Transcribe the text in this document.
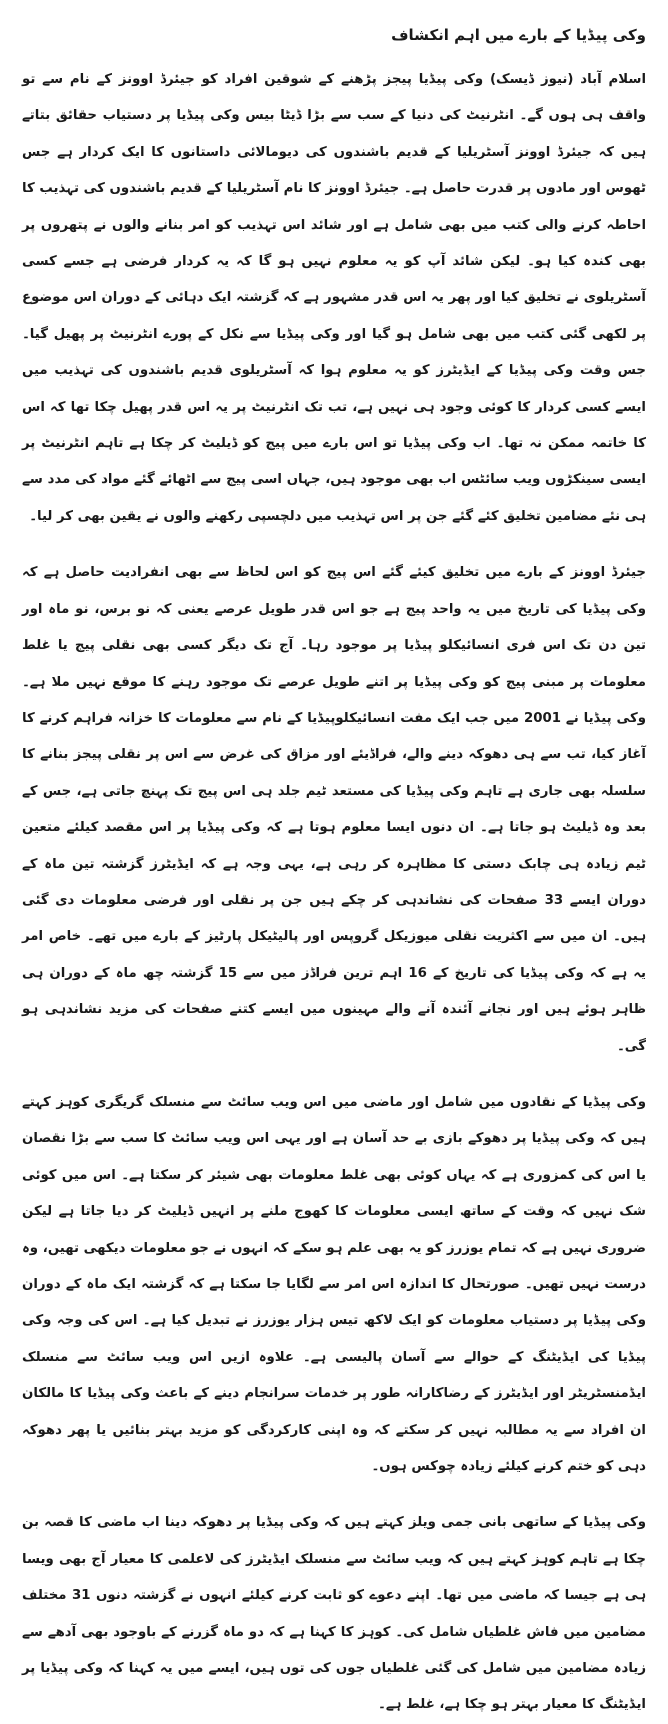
وکی پیڈیا کے بارے میں اہم انکشاف

اسلام آباد (نیوز ڈیسک) وکی پیڈیا پیجز پڑھنے کے شوقین افراد کو جیئرڈ اوونز کے نام سے تو واقف ہی ہوں گے۔ انٹرنیٹ کی دنیا کے سب سے بڑا ڈیٹا بیس وکی پیڈیا پر دستیاب حقائق بتاتے ہیں کہ جیئرڈ اوونز آسٹریلیا کے قدیم باشندوں کی دیومالائی داستانوں کا ایک کردار ہے جس ٹھوس اور مادوں پر قدرت حاصل ہے۔ جیئرڈ اوونز کا نام آسٹریلیا کے قدیم باشندوں کی تہذیب کا احاطہ کرنے والی کتب میں بھی شامل ہے اور شائد اس تہذیب کو امر بنانے والوں نے پتھروں پر بھی کندہ کیا ہو۔ لیکن شائد آپ کو یہ معلوم نہیں ہو گا کہ یہ کردار فرضی ہے جسے کسی آسٹریلوی نے تخلیق کیا اور پھر یہ اس قدر مشہور ہے کہ گزشتہ ایک دہائی کے دوران اس موضوع پر لکھی گئی کتب میں بھی شامل ہو گیا اور وکی پیڈیا سے نکل کے پورے انٹرنیٹ پر پھیل گیا۔ جس وقت وکی پیڈیا کے ایڈیٹرز کو یہ معلوم ہوا کہ آسٹریلوی قدیم باشندوں کی تہذیب میں ایسے کسی کردار کا کوئی وجود ہی نہیں ہے، تب تک انٹرنیٹ پر یہ اس قدر پھیل چکا تھا کہ اس کا خاتمہ ممکن نہ تھا۔ اب وکی پیڈیا تو اس بارے میں پیج کو ڈیلیٹ کر چکا ہے تاہم انٹرنیٹ پر ایسی سینکڑوں ویب سائٹس اب بھی موجود ہیں، جہاں اسی پیج سے اٹھائے گئے مواد کی مدد سے ہی نئے مضامین تخلیق کئے گئے جن پر اس تہذیب میں دلچسپی رکھنے والوں نے یقین بھی کر لیا۔

جیئرڈ اوونز کے بارے میں تخلیق کیئے گئے اس پیج کو اس لحاظ سے بھی انفرادیت حاصل ہے کہ وکی پیڈیا کی تاریخ میں یہ واحد پیج ہے جو اس قدر طویل عرصے یعنی کہ نو برس، نو ماہ اور تین دن تک اس فری انسائیکلو پیڈیا پر موجود رہا۔ آج تک دیگر کسی بھی نقلی پیج یا غلط معلومات پر مبنی پیج کو وکی پیڈیا پر اتنے طویل عرصے تک موجود رہنے کا موقع نہیں ملا ہے۔ وکی پیڈیا نے 2001 میں جب ایک مفت انسائیکلوپیڈیا کے نام سے معلومات کا خزانہ فراہم کرنے کا آغاز کیا، تب سے ہی دھوکہ دینے والے، فراڈیئے اور مزاق کی غرض سے اس پر نقلی پیجز بنانے کا سلسلہ بھی جاری ہے تاہم وکی پیڈیا کی مستعد ٹیم جلد ہی اس پیج تک پہنچ جاتی ہے، جس کے بعد وہ ڈیلیٹ ہو جاتا ہے۔ ان دنوں ایسا معلوم ہوتا ہے کہ وکی پیڈیا پر اس مقصد کیلئے متعین ٹیم زیادہ ہی چابک دستی کا مظاہرہ کر رہی ہے، یہی وجہ ہے کہ ایڈیٹرز گزشتہ تین ماہ کے دوران ایسے 33 صفحات کی نشاندہی کر چکے ہیں جن پر نقلی اور فرضی معلومات دی گئی ہیں۔ ان میں سے اکثریت نقلی میوزیکل گروپس اور پالیٹیکل پارٹیز کے بارے میں تھے۔ خاص امر یہ ہے کہ وکی پیڈیا کی تاریخ کے 16 اہم ترین فراڈز میں سے 15 گزشتہ چھ ماہ کے دوران ہی ظاہر ہوئے ہیں اور نجانے آئندہ آنے والے مہینوں میں ایسے کتنے صفحات کی مزید نشاندہی ہو گی۔

وکی پیڈیا کے نقادوں میں شامل اور ماضی میں اس ویب سائٹ سے منسلک گریگری کوہز کہتے ہیں کہ وکی پیڈیا پر دھوکے بازی بے حد آسان ہے اور یہی اس ویب سائٹ کا سب سے بڑا نقصان یا اس کی کمزوری ہے کہ یہاں کوئی بھی غلط معلومات بھی شیئر کر سکتا ہے۔ اس میں کوئی شک نہیں کہ وقت کے ساتھ ایسی معلومات کا کھوج ملنے پر انہیں ڈیلیٹ کر دیا جاتا ہے لیکن ضروری نہیں ہے کہ تمام یوزرز کو یہ بھی علم ہو سکے کہ انہوں نے جو معلومات دیکھی تھیں، وہ درست نہیں تھیں۔ صورتحال کا اندازہ اس امر سے لگایا جا سکتا ہے کہ گزشتہ ایک ماہ کے دوران وکی پیڈیا پر دستیاب معلومات کو ایک لاکھ تیس ہزار یوزرز نے تبدیل کیا ہے۔ اس کی وجہ وکی پیڈیا کی ایڈیٹنگ کے حوالے سے آسان پالیسی ہے۔ علاوہ ازیں اس ویب سائٹ سے منسلک ایڈمنسٹریٹر اور ایڈیٹرز کے رضاکارانہ طور پر خدمات سرانجام دینے کے باعث وکی پیڈیا کا مالکان ان افراد سے یہ مطالبہ نہیں کر سکتے کہ وہ اپنی کارکردگی کو مزید بہتر بنائیں یا پھر دھوکہ دہی کو ختم کرنے کیلئے زیادہ چوکس ہوں۔

وکی پیڈیا کے ساتھی بانی جمی ویلز کہتے ہیں کہ وکی پیڈیا پر دھوکہ دینا اب ماضی کا قصہ بن چکا ہے تاہم کوہز کہتے ہیں کہ ویب سائٹ سے منسلک ایڈیٹرز کی لاعلمی کا معیار آج بھی ویسا ہی ہے جیسا کہ ماضی میں تھا۔ اپنے دعوے کو ثابت کرنے کیلئے انہوں نے گزشتہ دنوں 31 مختلف مضامین میں فاش غلطیاں شامل کی۔ کوہز کا کہنا ہے کہ دو ماہ گزرنے کے باوجود بھی آدھے سے زیادہ مضامین میں شامل کی گئی غلطیاں جوں کی توں ہیں، ایسے میں یہ کہنا کہ وکی پیڈیا پر ایڈیٹنگ کا معیار بہتر ہو چکا ہے، غلط ہے۔
